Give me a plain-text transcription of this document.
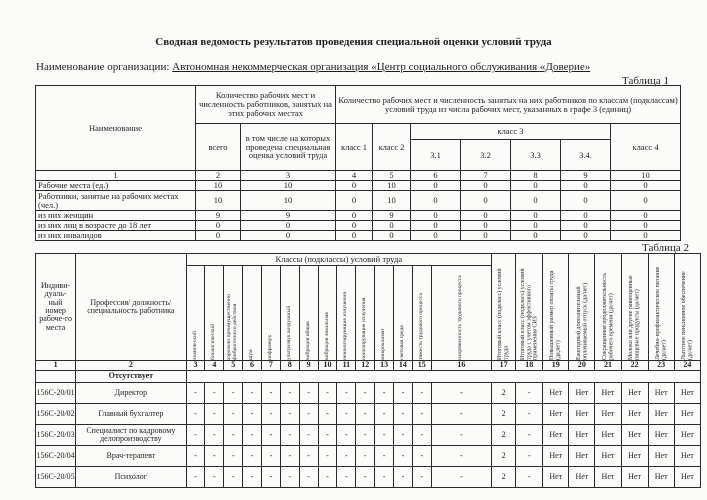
Сводная ведомость результатов проведения специальной оценки условий труда
Наименование организации: Автономная некоммерческая организация «Центр социального обслуживания «Доверие»
Таблица 1
Наименование	Количество рабочих мест и численность работников, занятых на этих рабочих местах		Количество рабочих мест и численность занятых на них работников по классам (подклассам) условий труда из числа рабочих мест, указанных в графе 3 (единиц)						
	всего	в том числе на которых проведена специальная оценка условий труда	класс 1	класс 2	класс 3				класс 4
					3.1	3.2	3.3	3.4.	
1	2	3	4	5	6	7	8	9	10
Рабочие места (ед.)	10	10	0	10	0	0	0	0	0
Работники, занятые на рабочих местах (чел.)	10	10	0	10	0	0	0	0	0
из них женщин	9	9	0	9	0	0	0	0	0
из них лиц в возрасте до 18 лет	0	0	0	0	0	0	0	0	0
из них инвалидов	0	0	0	0	0	0	0	0	0
Таблица 2
Индиви-дуаль-ный номер рабоче-го места	Профессия/ должность/ специальность работника	Классы (подклассы) условий труда														Итоговый класс (подкласс) условий труда	Итоговый класс (подкласс) условий труда с учетом эффективного применения СИЗ	Повышенный размер оплаты труда (да,нет)	Ежегодный дополнительный оплачиваемый отпуск (да/нет)	Сокращенная продолжительность рабочего времени (да/нет)	Молоко или другие равноценные пищевые продукты (да/нет)	Лечебно-профилактическое питание (да/нет)	Льготное пенсионное обеспечение (да/нет)

		химический	биологический	аэрозоли преимущественно фиброгенного действия	шум	инфразвук	ультразвук воздушный	вибрация общая	вибрация локальная	неионизирующие излучения	ионизирующие излучения	микроклимат	световая среда	тяжесть трудового процесса	напряженность трудового процесса								

1	2	3	4	5	6	7	8	9	10	11	12	13	14	15	16	17	18	19	20	21	22	23	24
	Отсутствует																						
156С-20/01	Директор	-	-	-	-	-	-	-	-	-	-	-	-	-	-	2	-	Нет	Нет	Нет	Нет	Нет	Нет
156С-20/02	Главный бухгалтер	-	-	-	-	-	-	-	-	-	-	-	-	-	-	2	-	Нет	Нет	Нет	Нет	Нет	Нет
156С-20/03	Специалист по кадровому делопроизводству	-	-	-	-	-	-	-	-	-	-	-	-	-	-	2	-	Нет	Нет	Нет	Нет	Нет	Нет
156С-20/04	Врач-терапевт	-	-	-	-	-	-	-	-	-	-	-	-	-	-	2	-	Нет	Нет	Нет	Нет	Нет	Нет
156С-20/05	Психолог	-	-	-	-	-	-	-	-	-	-	-	-	-	-	2	-	Нет	Нет	Нет	Нет	Нет	Нет
